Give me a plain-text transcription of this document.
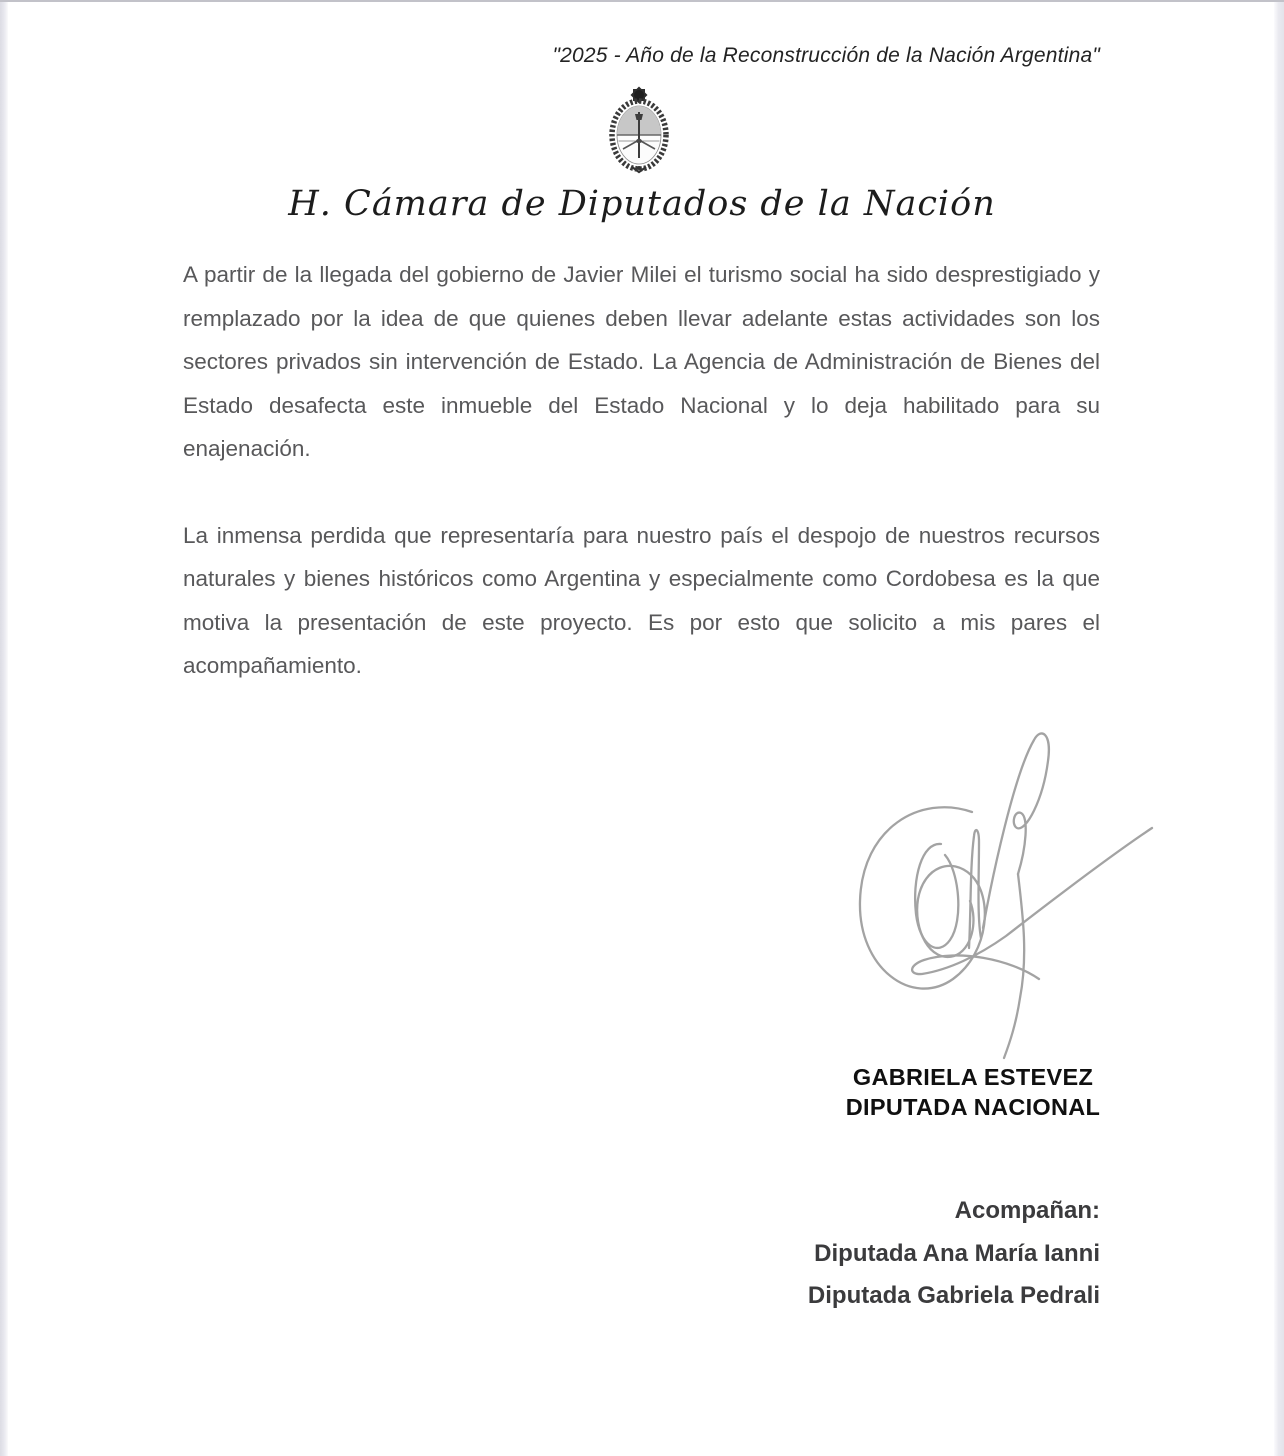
"2025 - Año de la Reconstrucción de la Nación Argentina"
H. Cámara de Diputados de la Nación

A partir de la llegada del gobierno de Javier Milei el turismo social ha sido desprestigiado y remplazado por la idea de que quienes deben llevar adelante estas actividades son los sectores privados sin intervención de Estado. La Agencia de Administración de Bienes del Estado desafecta este inmueble del Estado Nacional y lo deja habilitado para su enajenación.

La inmensa perdida que representaría para nuestro país el despojo de nuestros recursos naturales y bienes históricos como Argentina y especialmente como Cordobesa es la que motiva la presentación de este proyecto. Es por esto que solicito a mis pares el acompañamiento.

GABRIELA ESTEVEZ
DIPUTADA NACIONAL
Acompañan:
Diputada Ana María Ianni
Diputada Gabriela Pedrali
